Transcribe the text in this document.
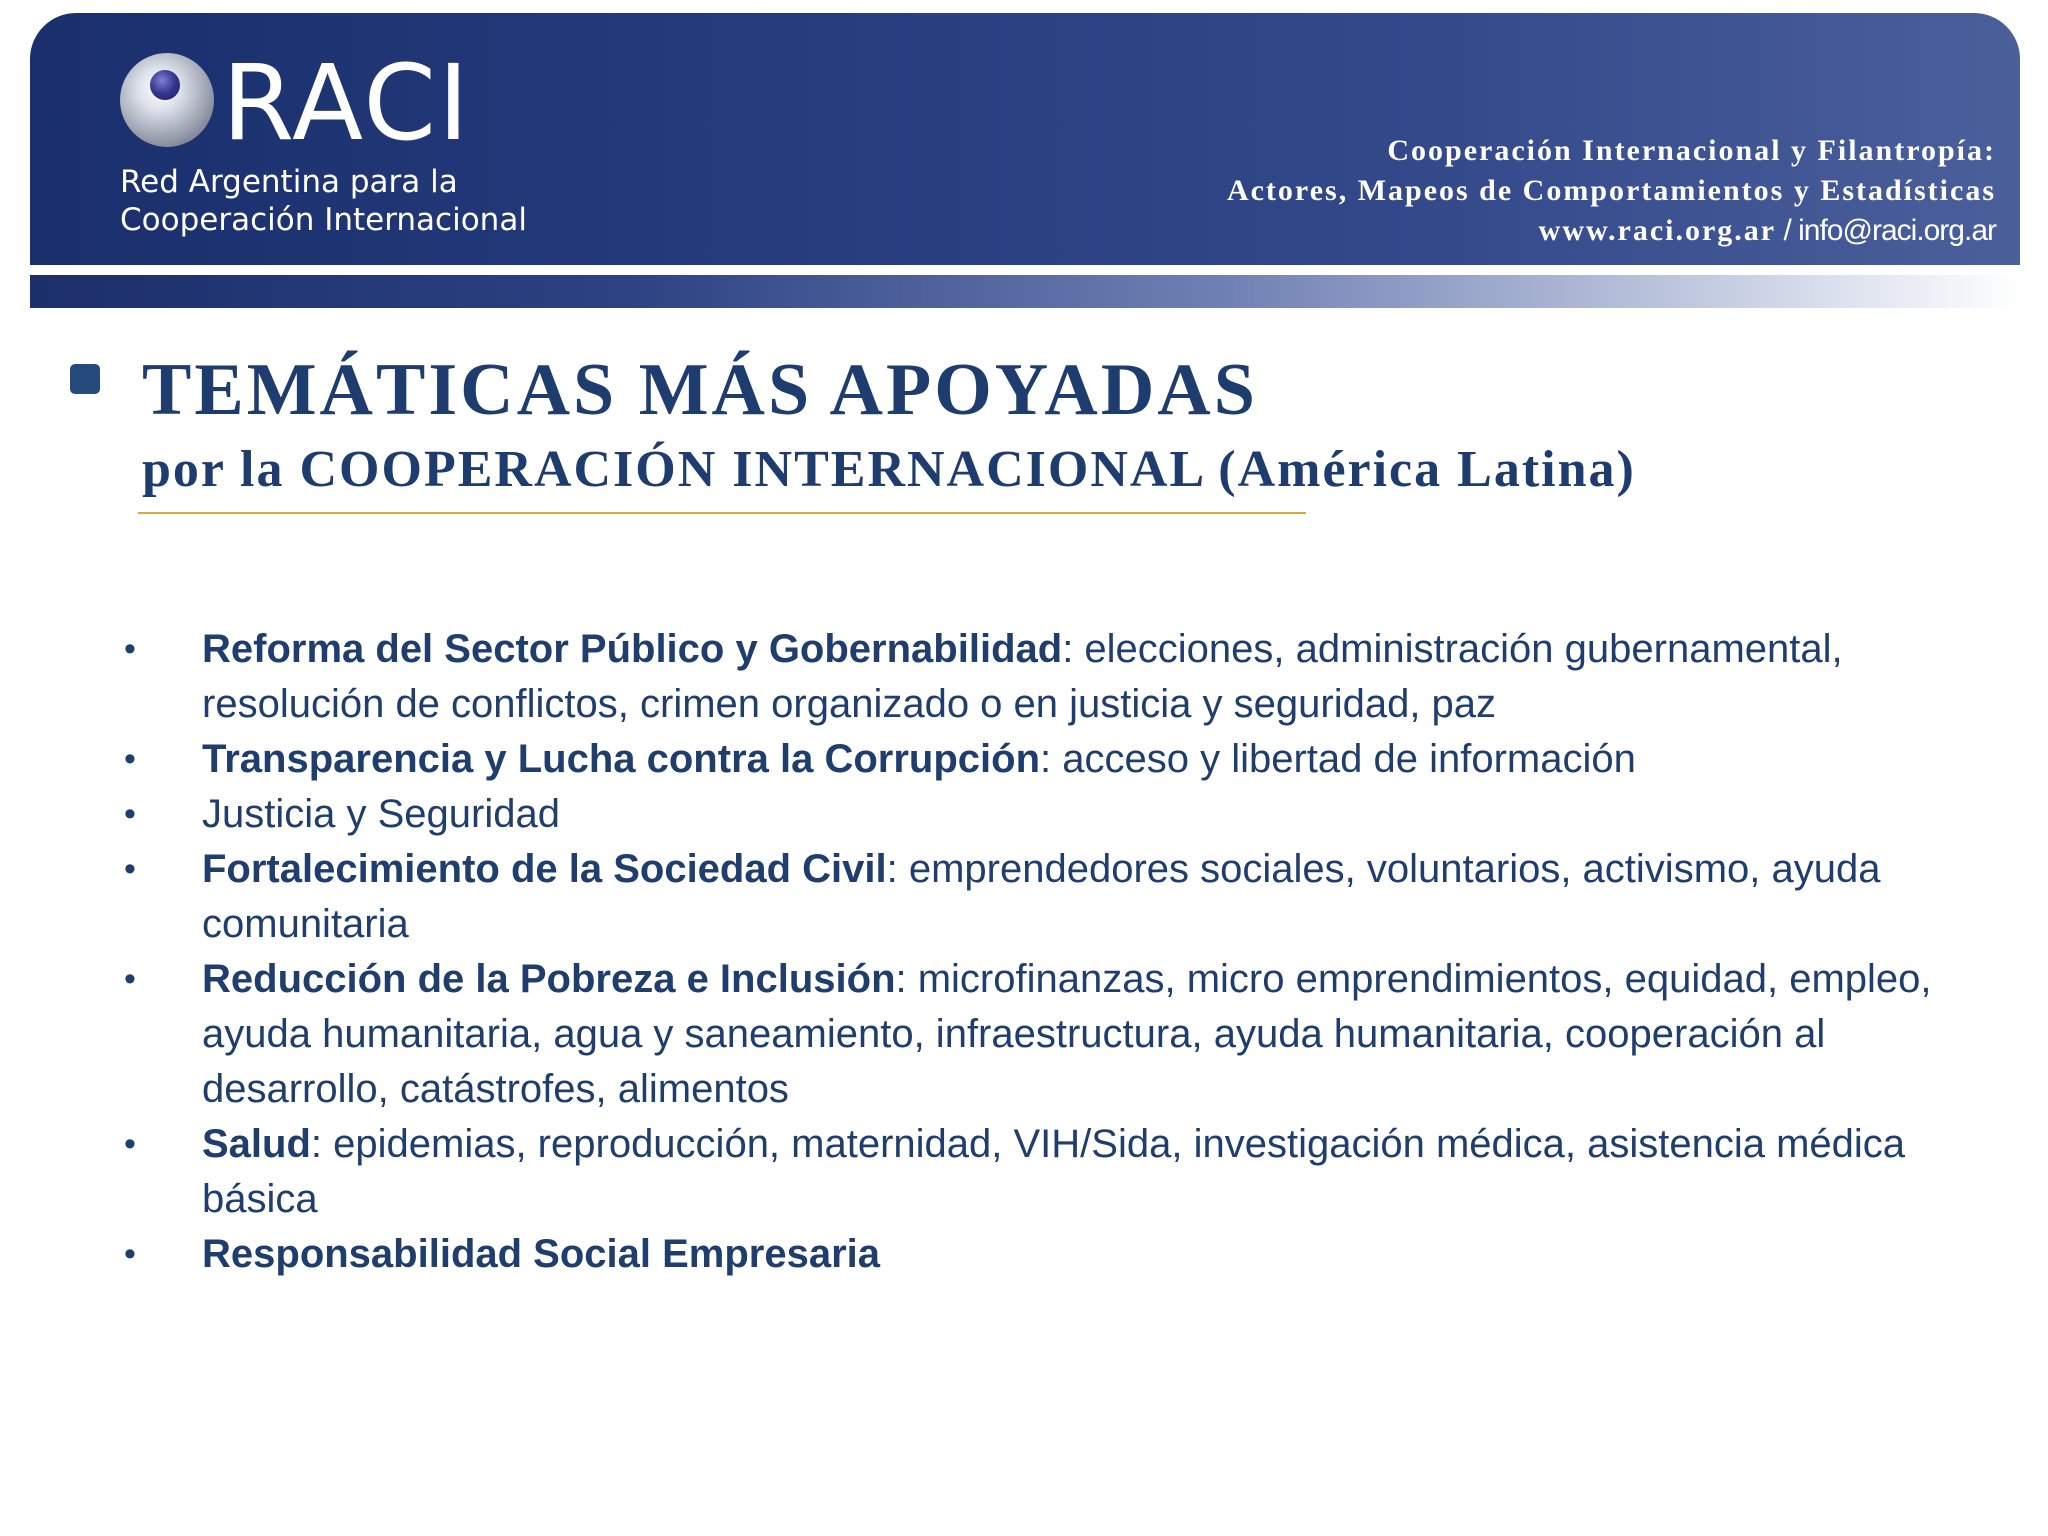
RACI
Red Argentina para la
Cooperación Internacional
Cooperación Internacional y Filantropía:
Actores, Mapeos de Comportamientos y Estadísticas
www.raci.org.ar / info@raci.org.ar
TEMÁTICAS MÁS APOYADAS
por la COOPERACIÓN INTERNACIONAL (América Latina)
• Reforma del Sector Público y Gobernabilidad: elecciones, administración gubernamental, resolución de conflictos, crimen organizado o en justicia y seguridad, paz
• Transparencia y Lucha contra la Corrupción: acceso y libertad de información
• Justicia y Seguridad
• Fortalecimiento de la Sociedad Civil: emprendedores sociales, voluntarios, activismo, ayuda comunitaria
• Reducción de la Pobreza e Inclusión: microfinanzas, micro emprendimientos, equidad, empleo, ayuda humanitaria, agua y saneamiento, infraestructura, ayuda humanitaria, cooperación al desarrollo, catástrofes, alimentos
• Salud: epidemias, reproducción, maternidad, VIH/Sida, investigación médica, asistencia médica básica
• Responsabilidad Social Empresaria
